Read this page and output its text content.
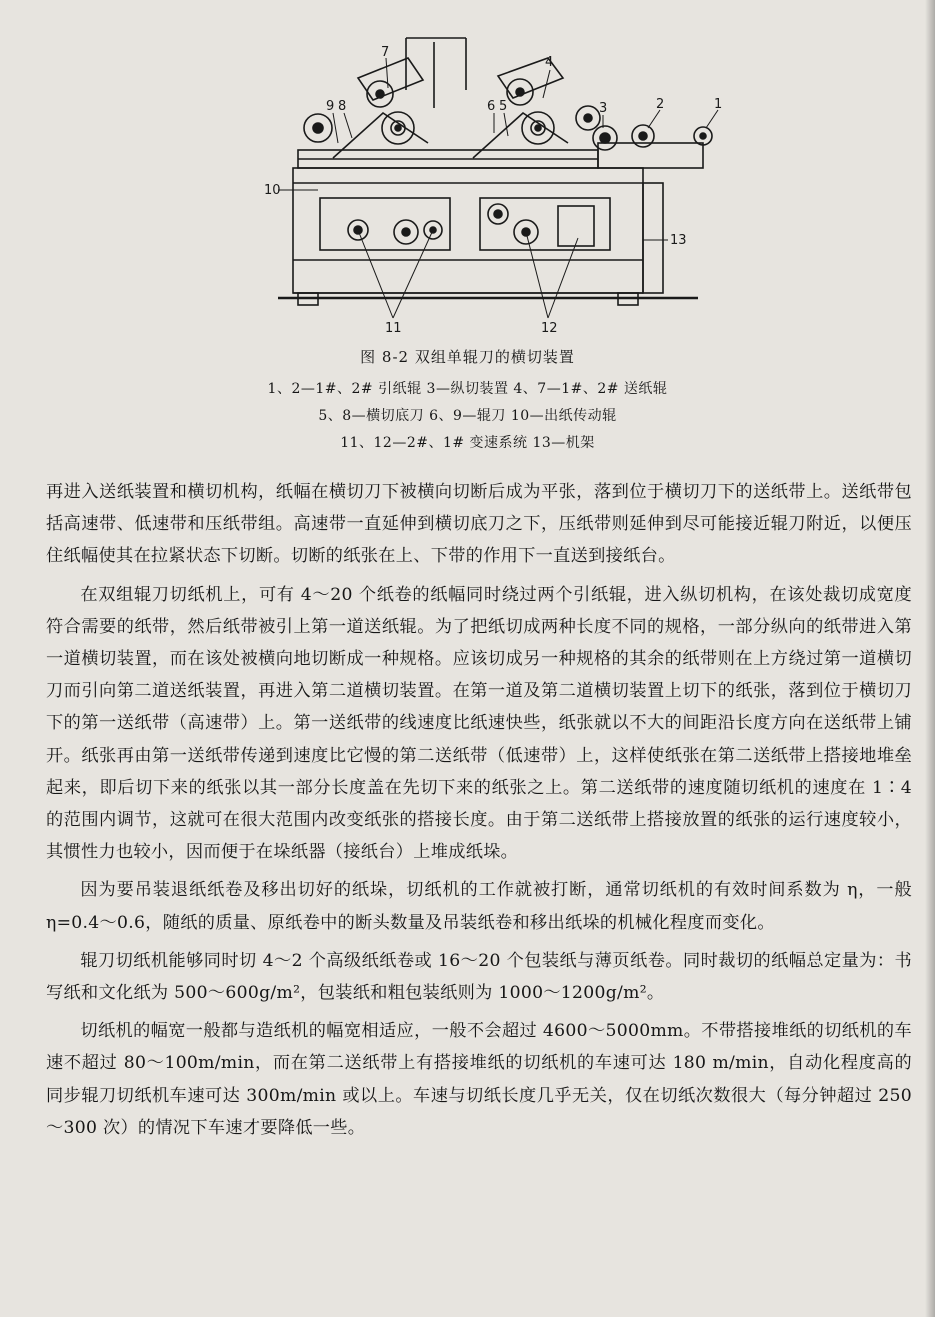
7
9 8	6 5
4
3	2	1
10
13
11	12
图 8-2 双组单辊刀的横切装置
1、2—1#、2# 引纸辊 3—纵切装置 4、7—1#、2# 送纸辊
5、8—横切底刀 6、9—辊刀 10—出纸传动辊
11、12—2#、1# 变速系统 13—机架

再进入送纸装置和横切机构，纸幅在横切刀下被横向切断后成为平张，落到位于横切刀下的送纸带上。送纸带包括高速带、低速带和压纸带组。高速带一直延伸到横切底刀之下，压纸带则延伸到尽可能接近辊刀附近，以便压住纸幅使其在拉紧状态下切断。切断的纸张在上、下带的作用下一直送到接纸台。

在双组辊刀切纸机上，可有 4～20 个纸卷的纸幅同时绕过两个引纸辊，进入纵切机构，在该处裁切成宽度符合需要的纸带，然后纸带被引上第一道送纸辊。为了把纸切成两种长度不同的规格，一部分纵向的纸带进入第一道横切装置，而在该处被横向地切断成一种规格。应该切成另一种规格的其余的纸带则在上方绕过第一道横切刀而引向第二道送纸装置，再进入第二道横切装置。在第一道及第二道横切装置上切下的纸张，落到位于横切刀下的第一送纸带（高速带）上。第一送纸带的线速度比纸速快些，纸张就以不大的间距沿长度方向在送纸带上铺开。纸张再由第一送纸带传递到速度比它慢的第二送纸带（低速带）上，这样使纸张在第二送纸带上搭接地堆垒起来，即后切下来的纸张以其一部分长度盖在先切下来的纸张之上。第二送纸带的速度随切纸机的速度在 1∶4 的范围内调节，这就可在很大范围内改变纸张的搭接长度。由于第二送纸带上搭接放置的纸张的运行速度较小，其惯性力也较小，因而便于在垛纸器（接纸台）上堆成纸垛。

因为要吊装退纸纸卷及移出切好的纸垛，切纸机的工作就被打断，通常切纸机的有效时间系数为 η，一般 η=0.4～0.6，随纸的质量、原纸卷中的断头数量及吊装纸卷和移出纸垛的机械化程度而变化。

辊刀切纸机能够同时切 4～2 个高级纸纸卷或 16～20 个包装纸与薄页纸卷。同时裁切的纸幅总定量为：书写纸和文化纸为 500～600g/m²，包装纸和粗包装纸则为 1000～1200g/m²。

切纸机的幅宽一般都与造纸机的幅宽相适应，一般不会超过 4600～5000mm。不带搭接堆纸的切纸机的车速不超过 80～100m/min，而在第二送纸带上有搭接堆纸的切纸机的车速可达 180 m/min，自动化程度高的同步辊刀切纸机车速可达 300m/min 或以上。车速与切纸长度几乎无关，仅在切纸次数很大（每分钟超过 250～300 次）的情况下车速才要降低一些。
